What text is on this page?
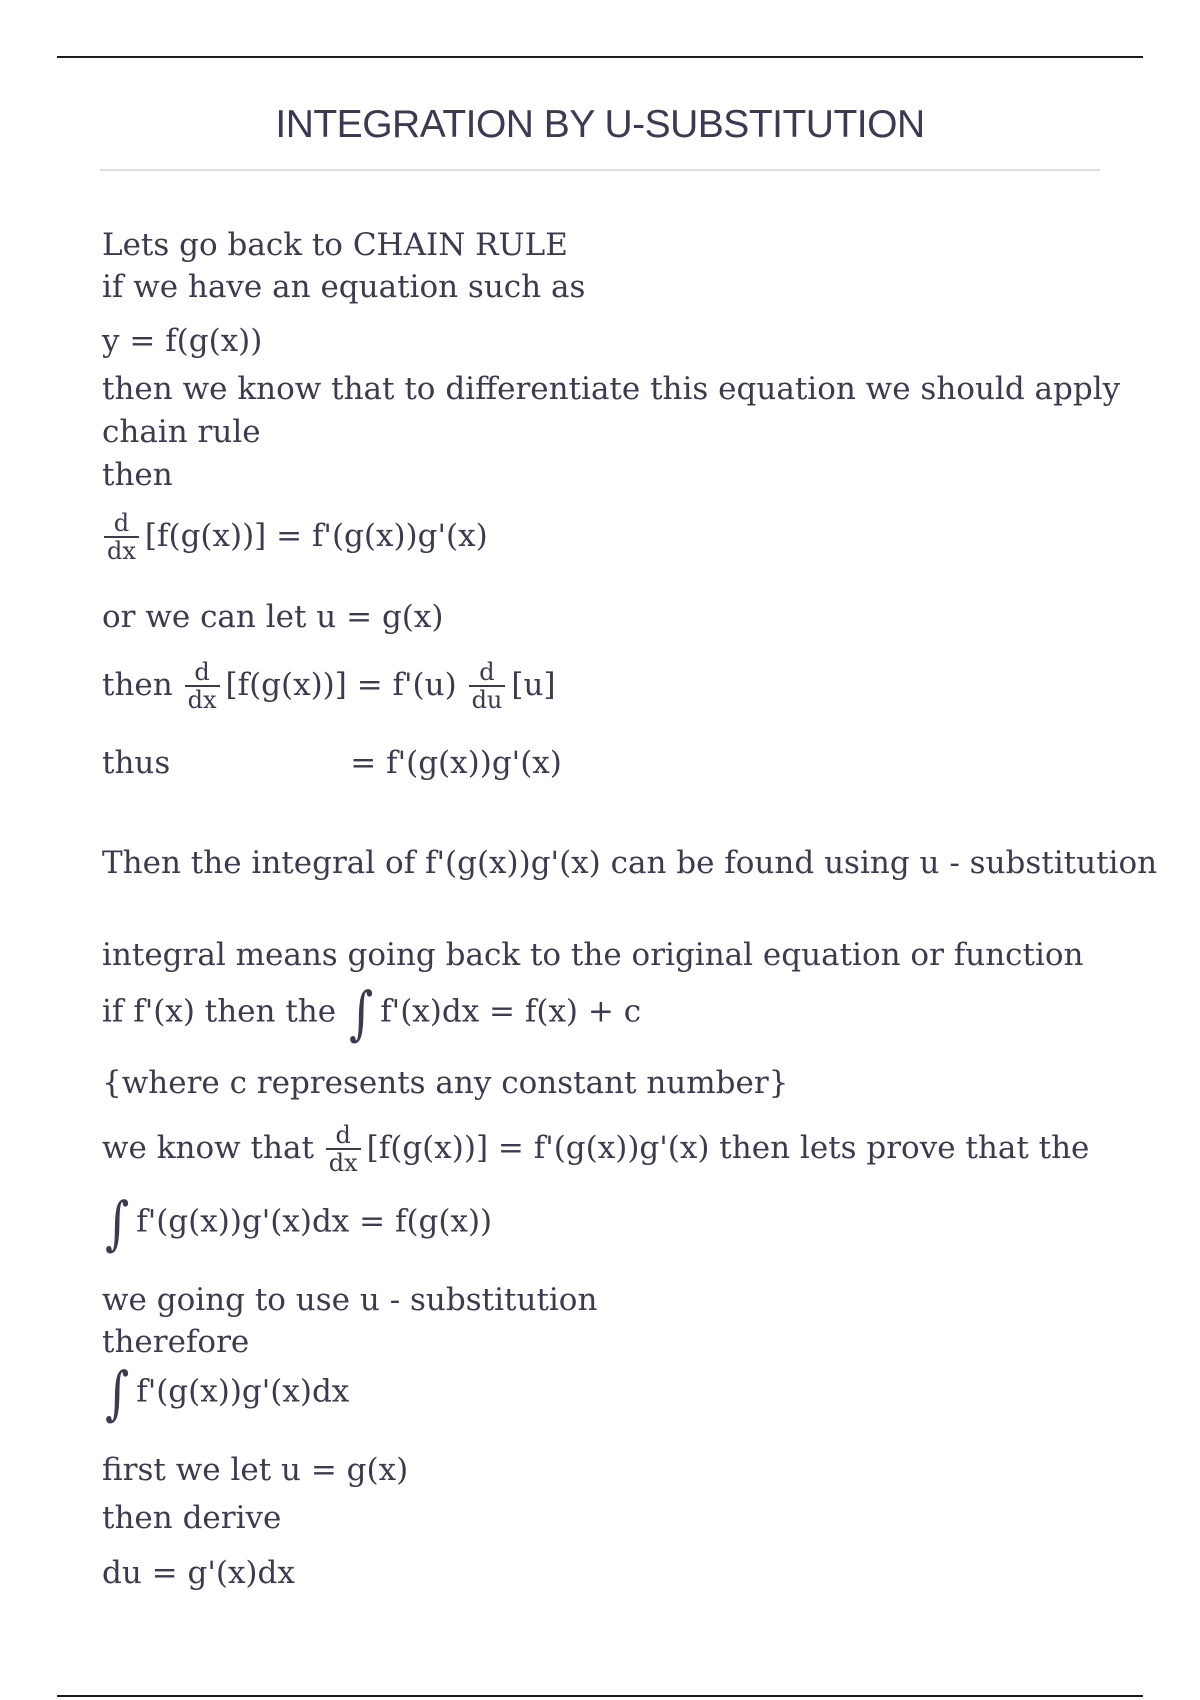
INTEGRATION BY U-SUBSTITUTION
Lets go back to CHAIN RULE
if we have an equation such as
y = f(g(x))
then we know that to differentiate this equation we should apply
chain rule
then
$\frac{d}{dx} [f(g(x))] = f'(g(x))g'(x)$
or we can let u = g(x)
then $\frac{d}{dx} [f(g(x))] = f'(u) \frac{d}{du} [u]$
thus	= f'(g(x))g'(x)
Then the integral of f'(g(x))g'(x) can be found using u - substitution
integral means going back to the original equation or function
if f'(x) then the ∫ f'(x)dx = f(x) + c
{where c represents any constant number}
we know that $\frac{d}{dx} [f(g(x))] = f'(g(x))g'(x)$ then lets prove that the
∫ f'(g(x))g'(x)dx = f(g(x))
we going to use u - substitution
therefore
∫ f'(g(x))g'(x)dx
first we let u = g(x)
then derive
du = g'(x)dx
